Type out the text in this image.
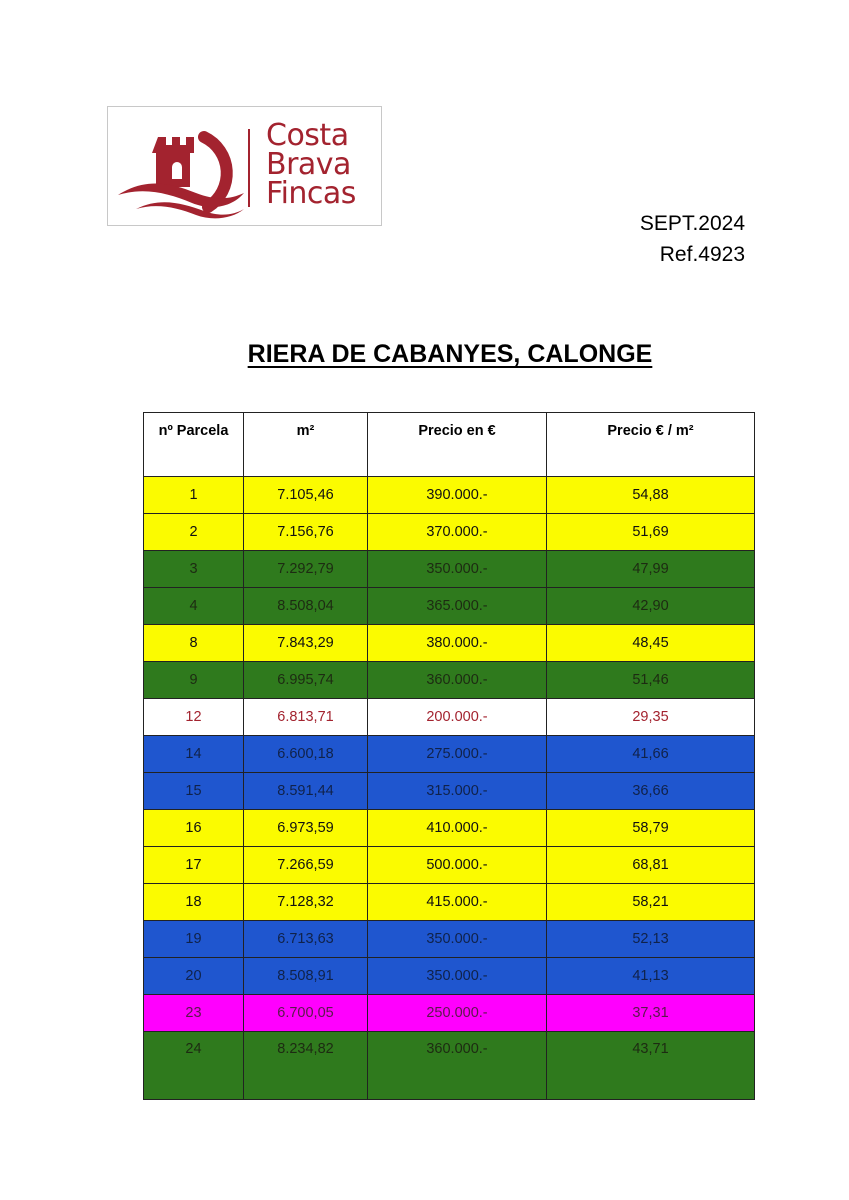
Costa
Brava
Fincas
SEPT.2024
Ref.4923
RIERA DE CABANYES, CALONGE
nº Parcela	m²	Precio en €	Precio € / m²
1	7.105,46	390.000.-	54,88
2	7.156,76	370.000.-	51,69
3	7.292,79	350.000.-	47,99
4	8.508,04	365.000.-	42,90
8	7.843,29	380.000.-	48,45
9	6.995,74	360.000.-	51,46
12	6.813,71	200.000.-	29,35
14	6.600,18	275.000.-	41,66
15	8.591,44	315.000.-	36,66
16	6.973,59	410.000.-	58,79
17	7.266,59	500.000.-	68,81
18	7.128,32	415.000.-	58,21
19	6.713,63	350.000.-	52,13
20	8.508,91	350.000.-	41,13
23	6.700,05	250.000.-	37,31
24	8.234,82	360.000.-	43,71
